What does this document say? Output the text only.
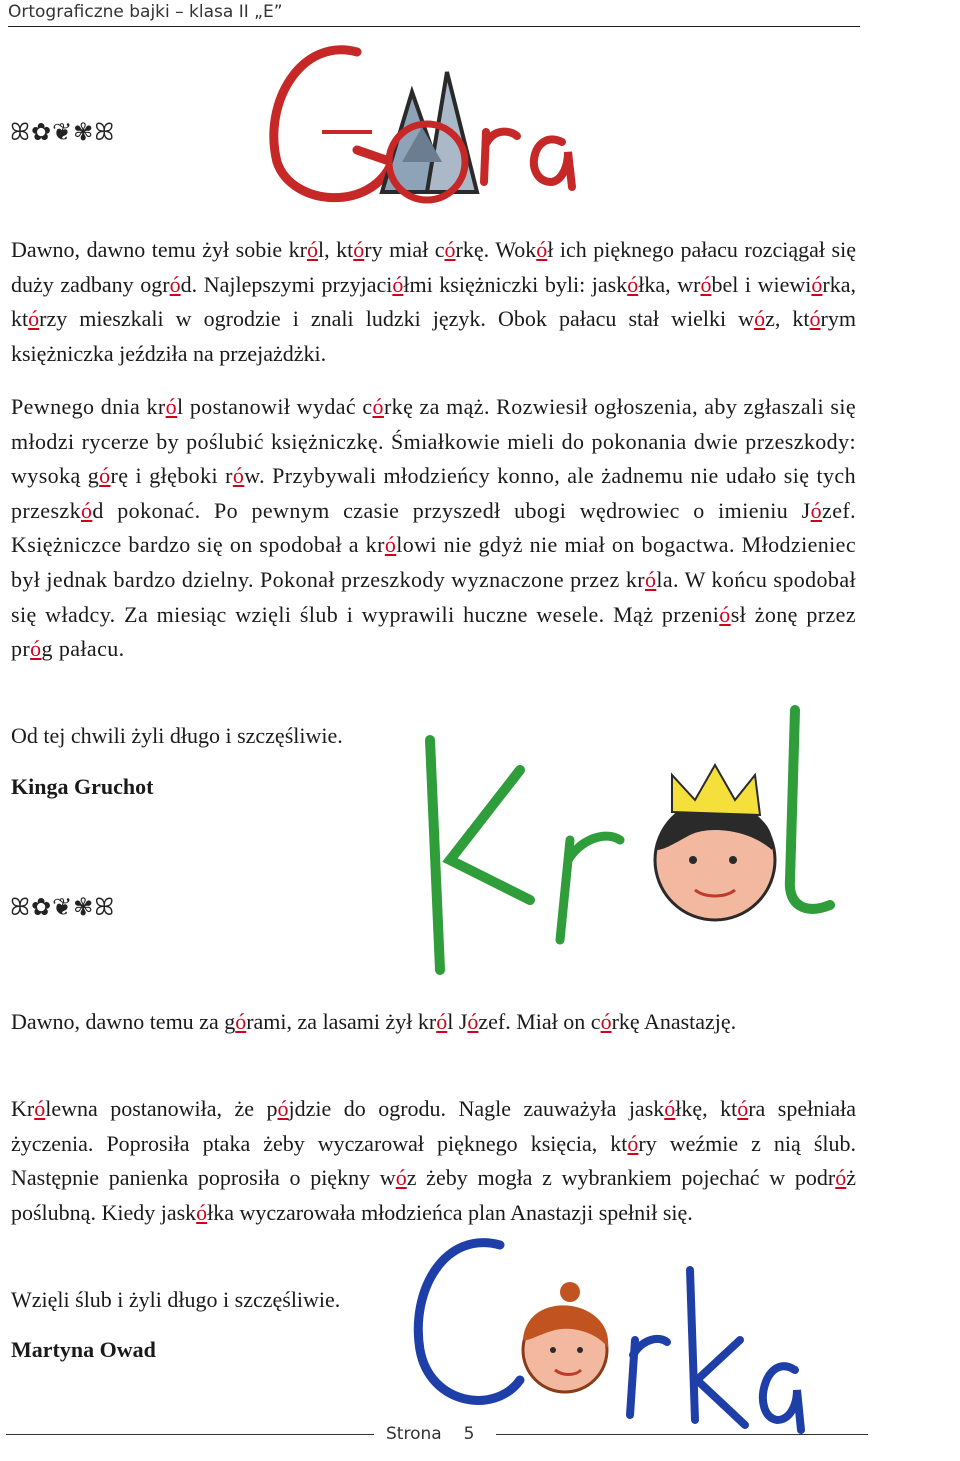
Ortograficzne bajki – klasa II „E”
ꕤ✿❦✾ꕤ
Dawno, dawno temu żył sobie król, który miał córkę. Wokół ich pięknego pałacu rozciągał się duży zadbany ogród. Najlepszymi przyjaciółmi księżniczki byli: jaskółka, wróbel i wiewiórka, którzy mieszkali w ogrodzie i znali ludzki język. Obok pałacu stał wielki wóz, którym księżniczka jeździła na przejażdżki.
Pewnego dnia król postanowił wydać córkę za mąż. Rozwiesił ogłoszenia, aby zgłaszali się młodzi rycerze by poślubić księżniczkę. Śmiałkowie mieli do pokonania dwie przeszkody: wysoką górę i głęboki rów. Przybywali młodzieńcy konno, ale żadnemu nie udało się tych przeszkód pokonać. Po pewnym czasie przyszedł ubogi wędrowiec o imieniu Józef. Księżniczce bardzo się on spodobał a królowi nie gdyż nie miał on bogactwa. Młodzieniec był jednak bardzo dzielny. Pokonał przeszkody wyznaczone przez króla. W końcu spodobał się władcy. Za miesiąc wzięli ślub i wyprawili huczne wesele. Mąż przeniósł żonę przez próg pałacu.
Od tej chwili żyli długo i szczęśliwie.
Kinga Gruchot
ꕤ✿❦✾ꕤ
Dawno, dawno temu za górami, za lasami żył król Józef. Miał on córkę Anastazję.
Królewna postanowiła, że pójdzie do ogrodu. Nagle zauważyła jaskółkę, która spełniała życzenia. Poprosiła ptaka żeby wyczarował pięknego księcia, który weźmie z nią ślub. Następnie panienka poprosiła o piękny wóz żeby mogła z wybrankiem pojechać w podróż poślubną. Kiedy jaskółka wyczarowała młodzieńca plan Anastazji spełnił się.
Wzięli ślub i żyli długo i szczęśliwie.
Martyna Owad
Strona 5
